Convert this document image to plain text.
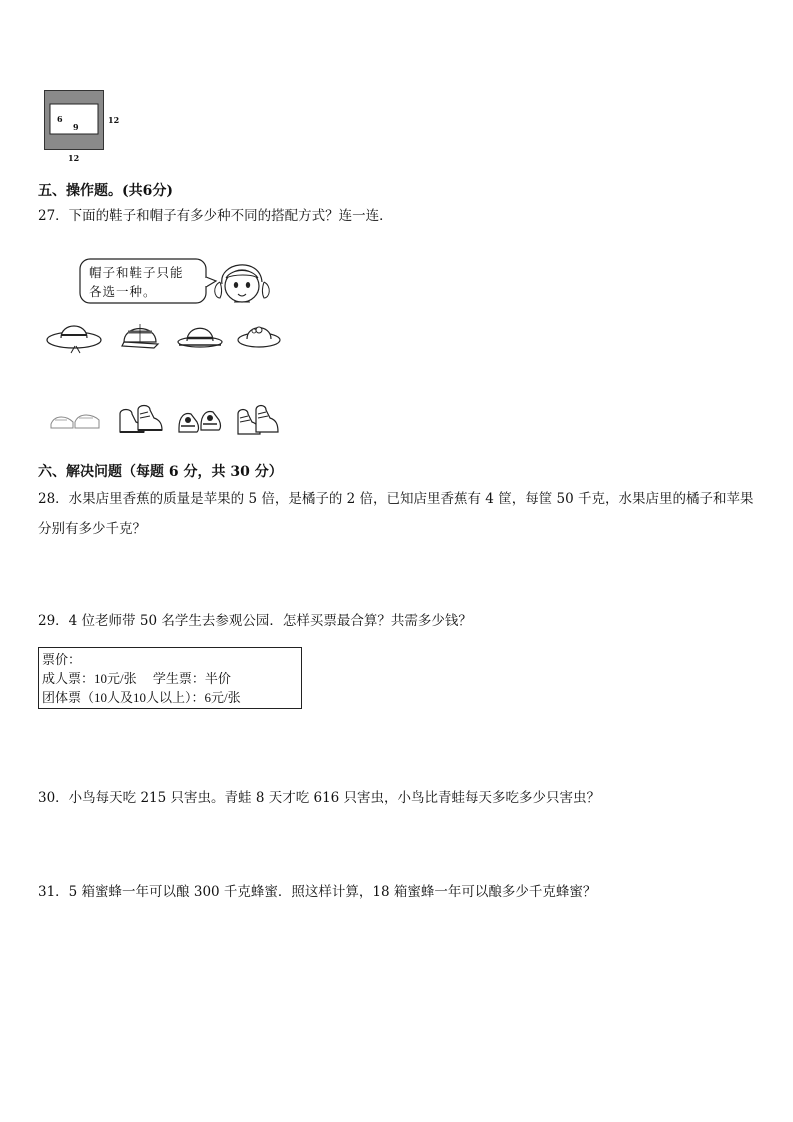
6
9
12
12
五、操作题。(共6分)
27．下面的鞋子和帽子有多少种不同的搭配方式？连一连．
帽子和鞋子只能
各选一种。
六、解决问题（每题 6 分，共 30 分）
28．水果店里香蕉的质量是苹果的 5 倍，是橘子的 2 倍，已知店里香蕉有 4 筐，每筐 50 千克，水果店里的橘子和苹果
分别有多少千克？
29．4 位老师带 50 名学生去参观公园．怎样买票最合算？共需多少钱？
票价：
成人票：10元/张　 学生票：半价
团体票（10人及10人以上）：6元/张
30．小鸟每天吃 215 只害虫。青蛙 8 天才吃 616 只害虫，小鸟比青蛙每天多吃多少只害虫？
31．5 箱蜜蜂一年可以酿 300 千克蜂蜜．照这样计算，18 箱蜜蜂一年可以酿多少千克蜂蜜？
